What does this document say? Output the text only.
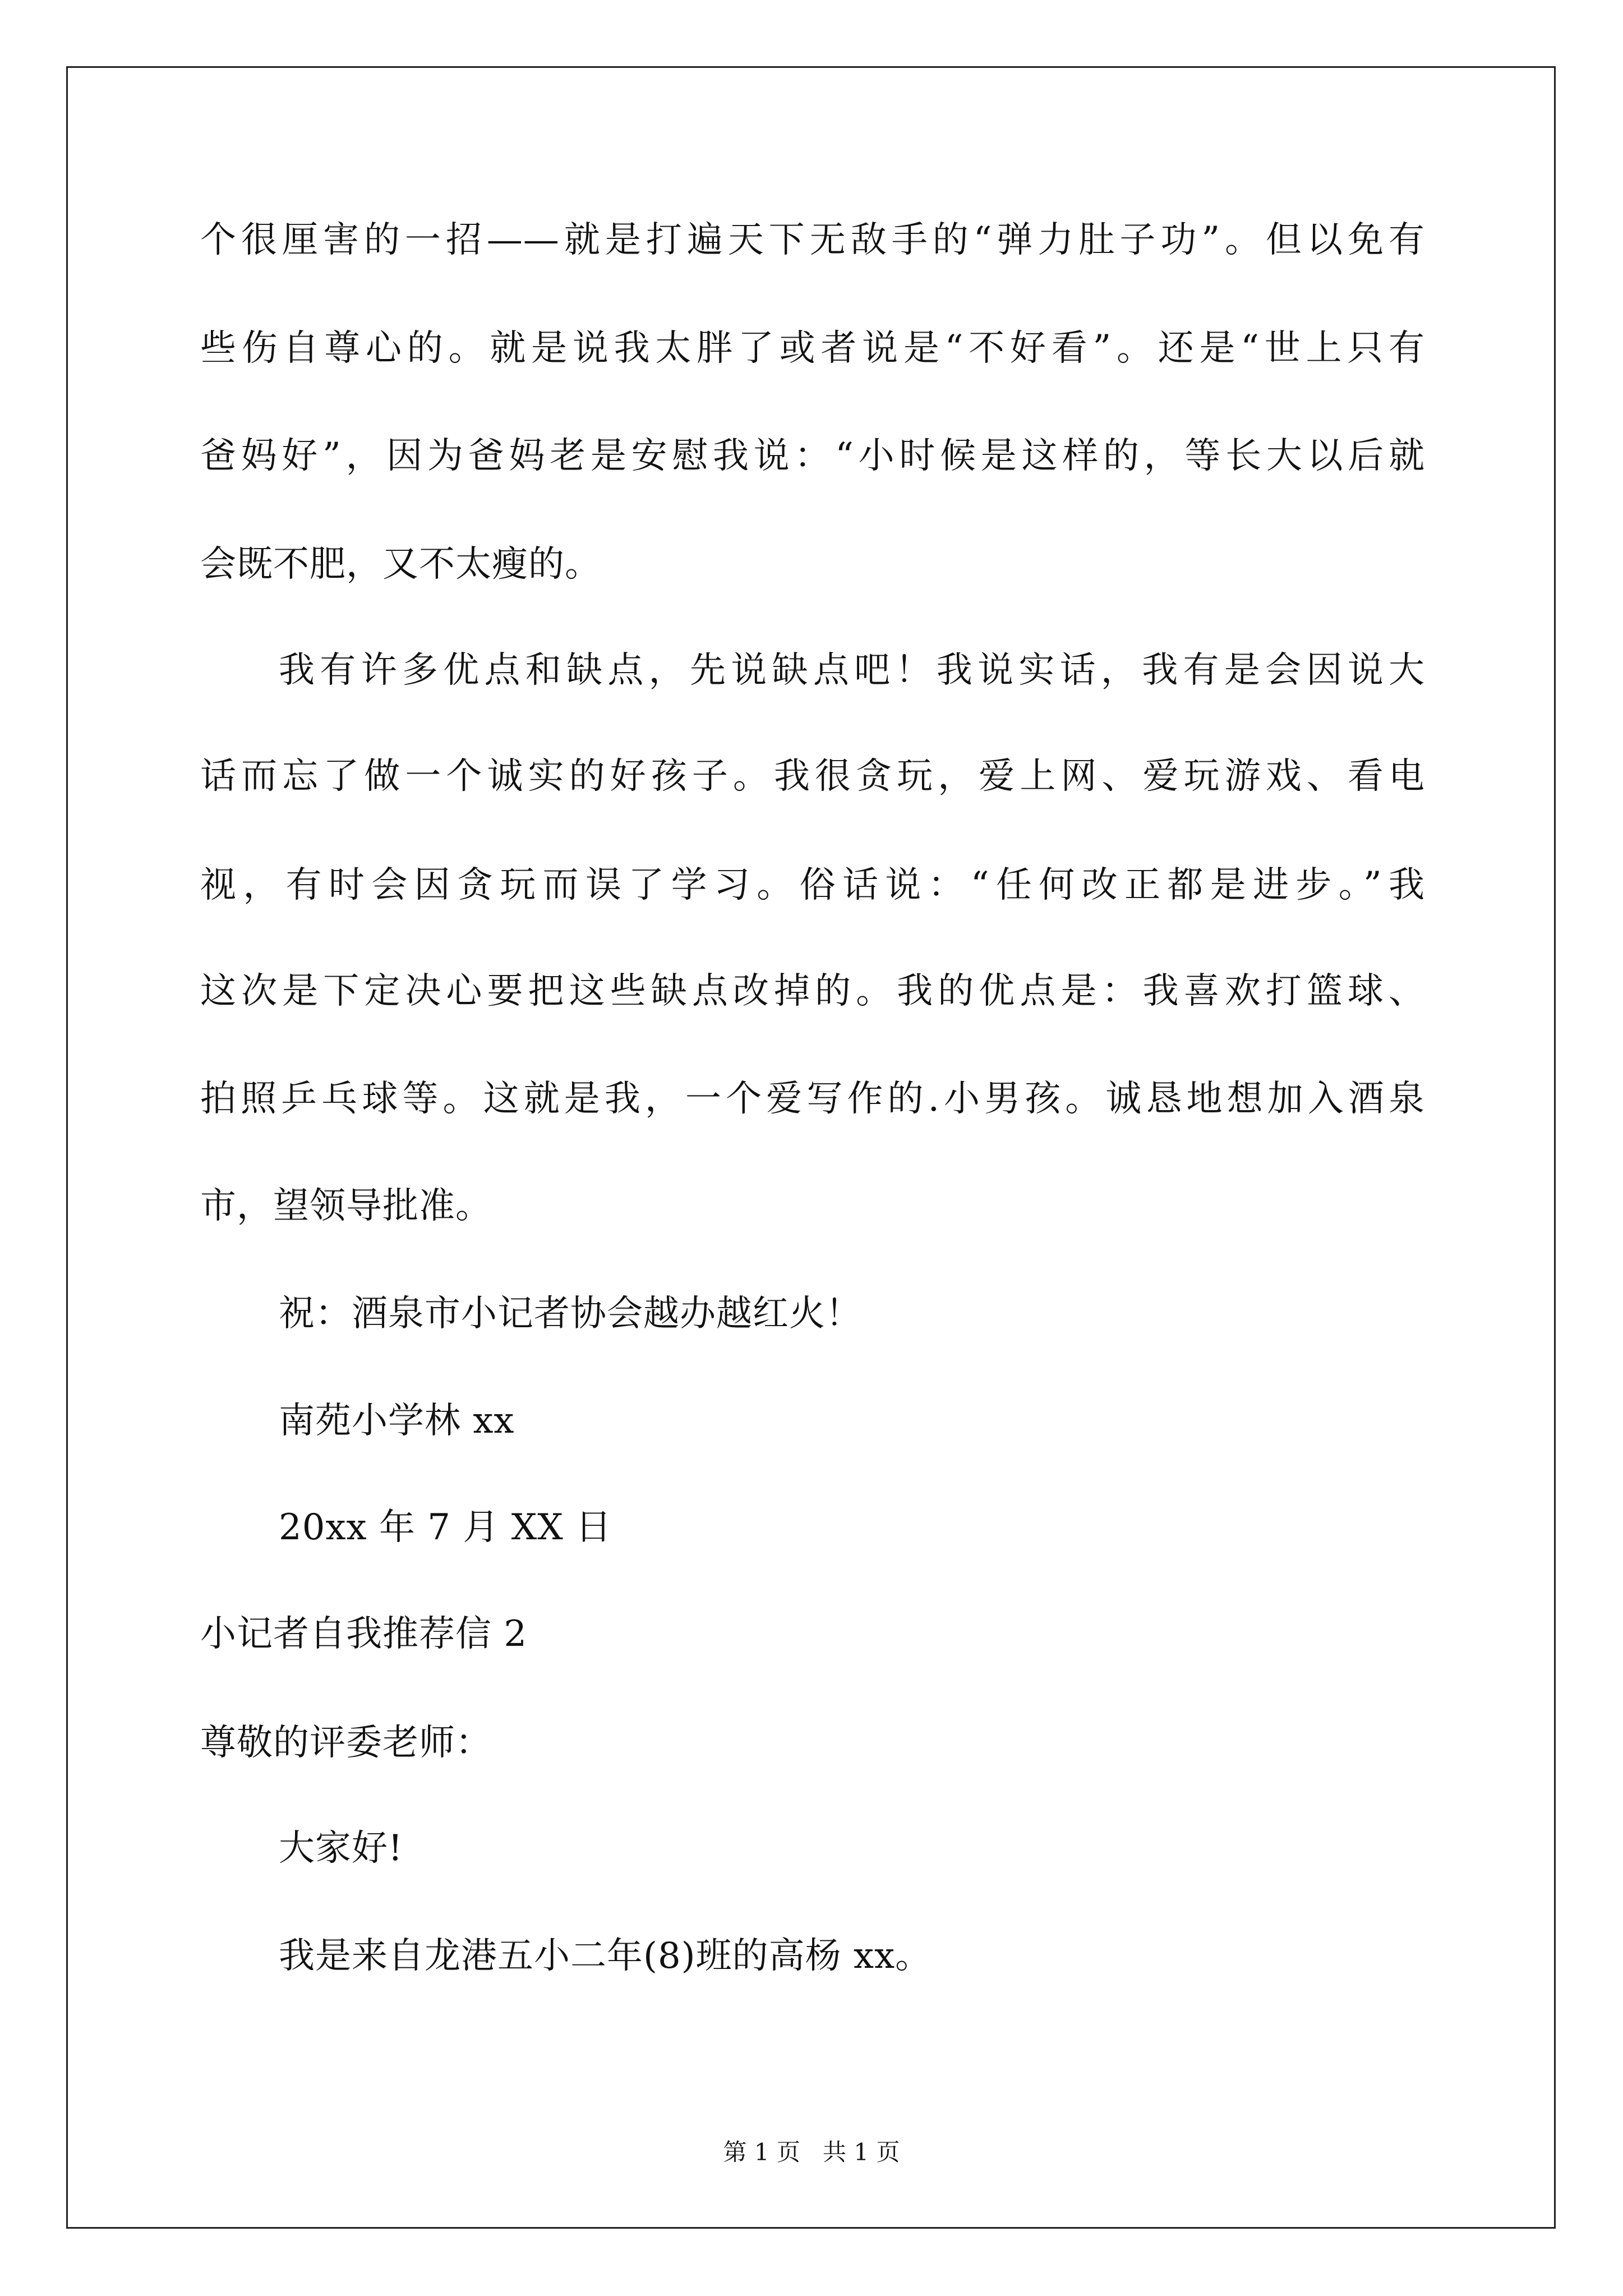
个很厘害的一招——就是打遍天下无敌手的“弹力肚子功”。但以免有
些伤自尊心的。就是说我太胖了或者说是“不好看”。还是“世上只有
爸妈好”，因为爸妈老是安慰我说：“小时候是这样的，等长大以后就
会既不肥，又不太瘦的。
我有许多优点和缺点，先说缺点吧！我说实话，我有是会因说大
话而忘了做一个诚实的好孩子。我很贪玩，爱上网、爱玩游戏、看电
视，有时会因贪玩而误了学习。俗话说：“任何改正都是进步。”我
这次是下定决心要把这些缺点改掉的。我的优点是：我喜欢打篮球、
拍照乒乓球等。这就是我，一个爱写作的.小男孩。诚恳地想加入酒泉
市，望领导批准。
祝：酒泉市小记者协会越办越红火！
南苑小学林 xx
20xx 年 7 月 XX 日
小记者自我推荐信 2
尊敬的评委老师：
大家好!
我是来自龙港五小二年(8)班的高杨 xx。
第 1 页   共 1 页
